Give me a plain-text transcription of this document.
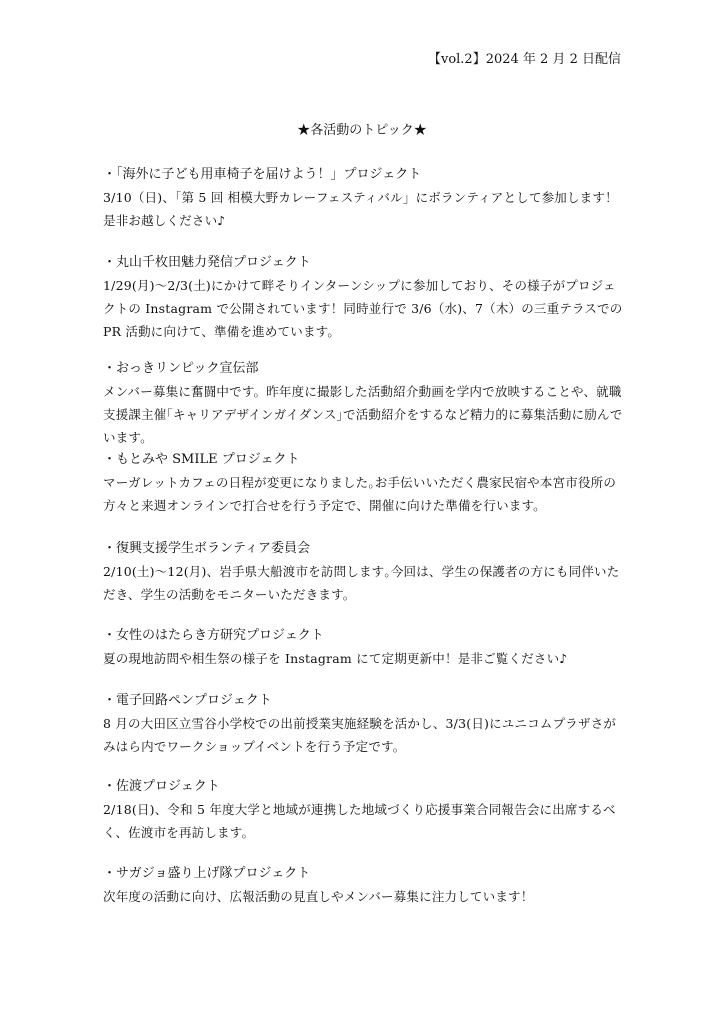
【vol.2】2024 年 2 月 2 日配信
★各活動のトピック★
・「海外に子ども用車椅子を届けよう！」プロジェクト
3/10（日)、「第 5 回 相模大野カレーフェスティバル」にボランティアとして参加します！是非お越しください♪
・丸山千枚田魅力発信プロジェクト
1/29(月)～2/3(土)にかけて畔そりインターンシップに参加しており、その様子がプロジェクトの Instagram で公開されています！同時並行で 3/6（水)、7（木）の三重テラスでの PR 活動に向けて、準備を進めています。
・おっきリンピック宣伝部
メンバー募集に奮闘中です。昨年度に撮影した活動紹介動画を学内で放映することや、就職支援課主催｢キャリアデザインガイダンス｣で活動紹介をするなど精力的に募集活動に励んでいます。
・もとみや SMILE プロジェクト
マーガレットカフェの日程が変更になりました｡お手伝いいただく農家民宿や本宮市役所の方々と来週オンラインで打合せを行う予定で、開催に向けた準備を行います。
・復興支援学生ボランティア委員会
2/10(土)～12(月)、岩手県大船渡市を訪問します｡今回は、学生の保護者の方にも同伴いただき、学生の活動をモニターいただきます。
・女性のはたらき方研究プロジェクト
夏の現地訪問や相生祭の様子を Instagram にて定期更新中！是非ご覧ください♪
・電子回路ペンプロジェクト
8 月の大田区立雪谷小学校での出前授業実施経験を活かし、3/3(日)にユニコムプラザさがみはら内でワークショップイベントを行う予定です。
・佐渡プロジェクト
2/18(日)、令和 5 年度大学と地域が連携した地域づくり応援事業合同報告会に出席するべく、佐渡市を再訪します。
・サガジョ盛り上げ隊プロジェクト
次年度の活動に向け、広報活動の見直しやメンバー募集に注力しています！
